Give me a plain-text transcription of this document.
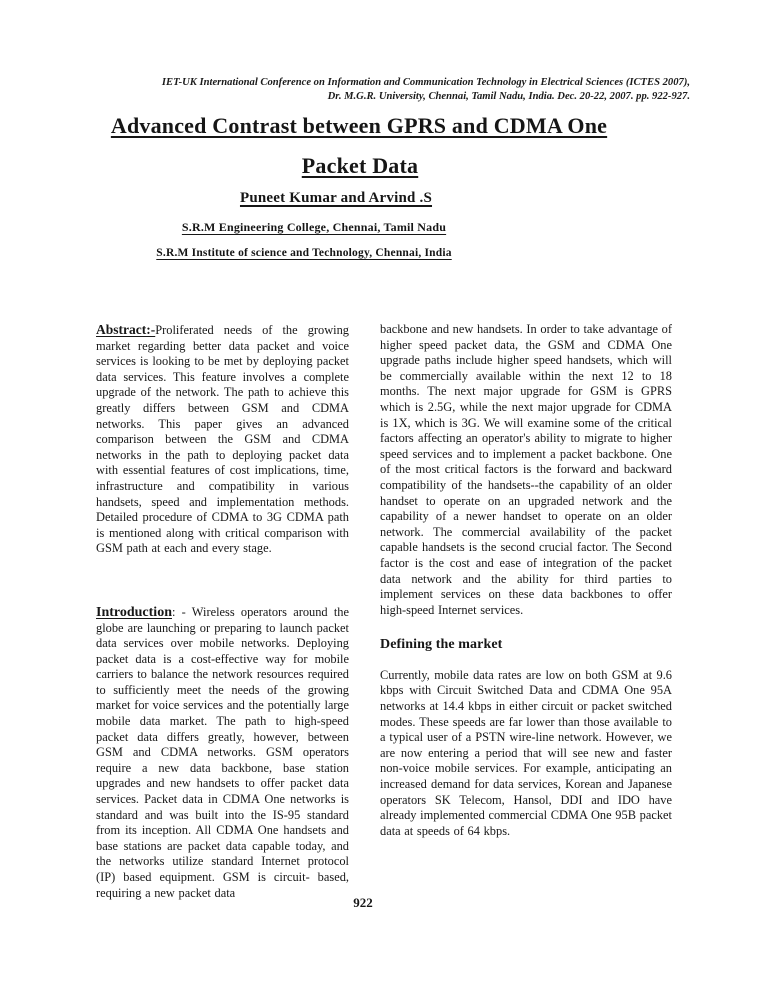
IET-UK International Conference on Information and Communication Technology in Electrical Sciences (ICTES 2007),
Dr. M.G.R. University, Chennai, Tamil Nadu, India. Dec. 20-22, 2007. pp. 922-927.
Advanced Contrast between GPRS and CDMA One
Packet Data
Puneet Kumar and Arvind .S
S.R.M Engineering College, Chennai, Tamil Nadu
S.R.M Institute of science and Technology, Chennai, India

Abstract:-Proliferated needs of the growing market regarding better data packet and voice services is looking to be met by deploying packet data services. This feature involves a complete upgrade of the network. The path to achieve this greatly differs between GSM and CDMA networks. This paper gives an advanced comparison between the GSM and CDMA networks in the path to deploying packet data with essential features of cost implications, time, infrastructure and compatibility in various handsets, speed and implementation methods. Detailed procedure of CDMA to 3G CDMA path is mentioned along with critical comparison with GSM path at each and every stage.

Introduction: - Wireless operators around the globe are launching or preparing to launch packet data services over mobile networks. Deploying packet data is a cost-effective way for mobile carriers to balance the network resources required to sufficiently meet the needs of the growing market for voice services and the potentially large mobile data market. The path to high-speed packet data differs greatly, however, between GSM and CDMA networks. GSM operators require a new data backbone, base station upgrades and new handsets to offer packet data services. Packet data in CDMA One networks is standard and was built into the IS-95 standard from its inception. All CDMA One handsets and base stations are packet data capable today, and the networks utilize standard Internet protocol (IP) based equipment. GSM is circuit- based, requiring a new packet data

backbone and new handsets. In order to take advantage of higher speed packet data, the GSM and CDMA One upgrade paths include higher speed handsets, which will be commercially available within the next 12 to 18 months. The next major upgrade for GSM is GPRS which is 2.5G, while the next major upgrade for CDMA is 1X, which is 3G. We will examine some of the critical factors affecting an operator's ability to migrate to higher speed services and to implement a packet backbone. One of the most critical factors is the forward and backward compatibility of the handsets--the capability of an older handset to operate on an upgraded network and the capability of a newer handset to operate on an older network. The commercial availability of the packet capable handsets is the second crucial factor. The Second factor is the cost and ease of integration of the packet data network and the ability for third parties to implement services on these data backbones to offer high-speed Internet services.

Defining the market

Currently, mobile data rates are low on both GSM at 9.6 kbps with Circuit Switched Data and CDMA One 95A networks at 14.4 kbps in either circuit or packet switched modes. These speeds are far lower than those available to a typical user of a PSTN wire-line network. However, we are now entering a period that will see new and faster non-voice mobile services. For example, anticipating an increased demand for data services, Korean and Japanese operators SK Telecom, Hansol, DDI and IDO have already implemented commercial CDMA One 95B packet data at speeds of 64 kbps.

922
